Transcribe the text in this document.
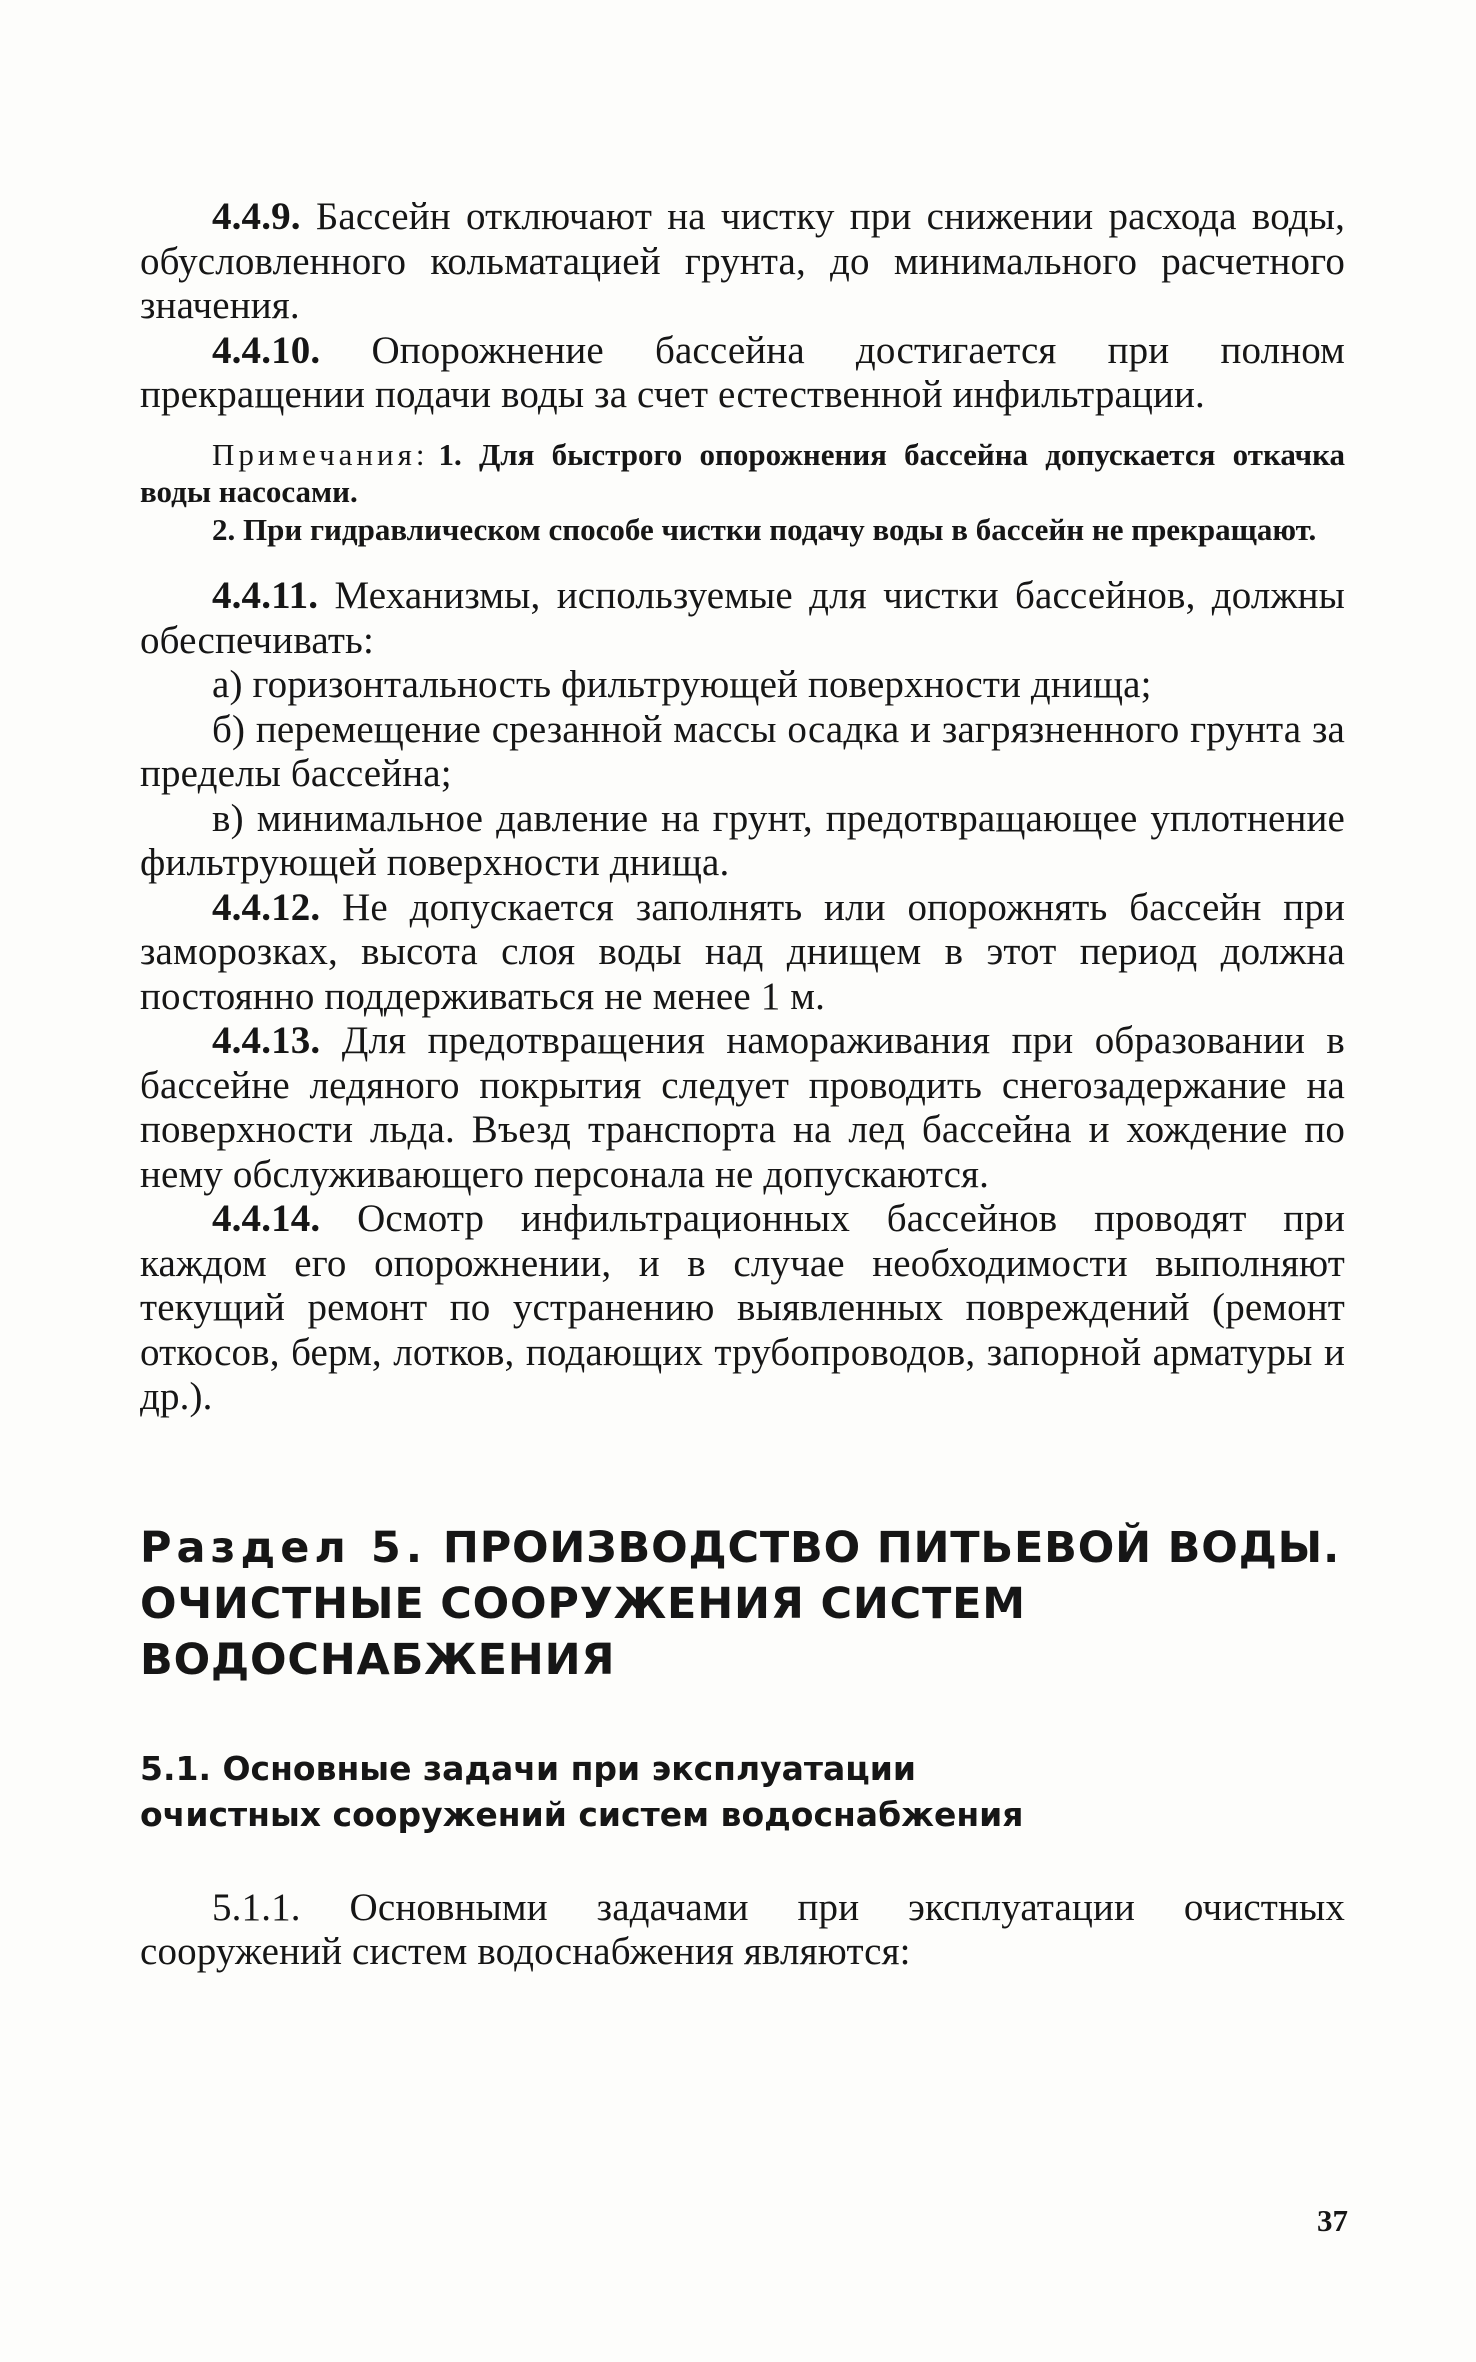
4.4.9. Бассейн отключают на чистку при снижении расхода воды, обусловленного кольматацией грунта, до минимального расчетного значения.

4.4.10. Опорожнение бассейна достигается при полном прекращении подачи воды за счет естественной инфильтрации.

Примечания: 1. Для быстрого опорожнения бассейна допускается откачка воды насосами.

2. При гидравлическом способе чистки подачу воды в бассейн не прекращают.

4.4.11. Механизмы, используемые для чистки бассейнов, должны обеспечивать:

а) горизонтальность фильтрующей поверхности днища;

б) перемещение срезанной массы осадка и загрязненного грунта за пределы бассейна;

в) минимальное давление на грунт, предотвращающее уплотнение фильтрующей поверхности днища.

4.4.12. Не допускается заполнять или опорожнять бассейн при заморозках, высота слоя воды над днищем в этот период должна постоянно поддерживаться не менее 1 м.

4.4.13. Для предотвращения намораживания при образовании в бассейне ледяного покрытия следует проводить снегозадержание на поверхности льда. Въезд транспорта на лед бассейна и хождение по нему обслуживающего персонала не допускаются.

4.4.14. Осмотр инфильтрационных бассейнов проводят при каждом его опорожнении, и в случае необходимости выполняют текущий ремонт по устранению выявленных повреждений (ремонт откосов, берм, лотков, подающих трубопроводов, запорной арматуры и др.).

Раздел 5. ПРОИЗВОДСТВО ПИТЬЕВОЙ ВОДЫ. ОЧИСТНЫЕ СООРУЖЕНИЯ СИСТЕМ ВОДОСНАБЖЕНИЯ
5.1. Основные задачи при эксплуатации
очистных сооружений систем водоснабжения

5.1.1. Основными задачами при эксплуатации очистных сооружений систем водоснабжения являются:

37
